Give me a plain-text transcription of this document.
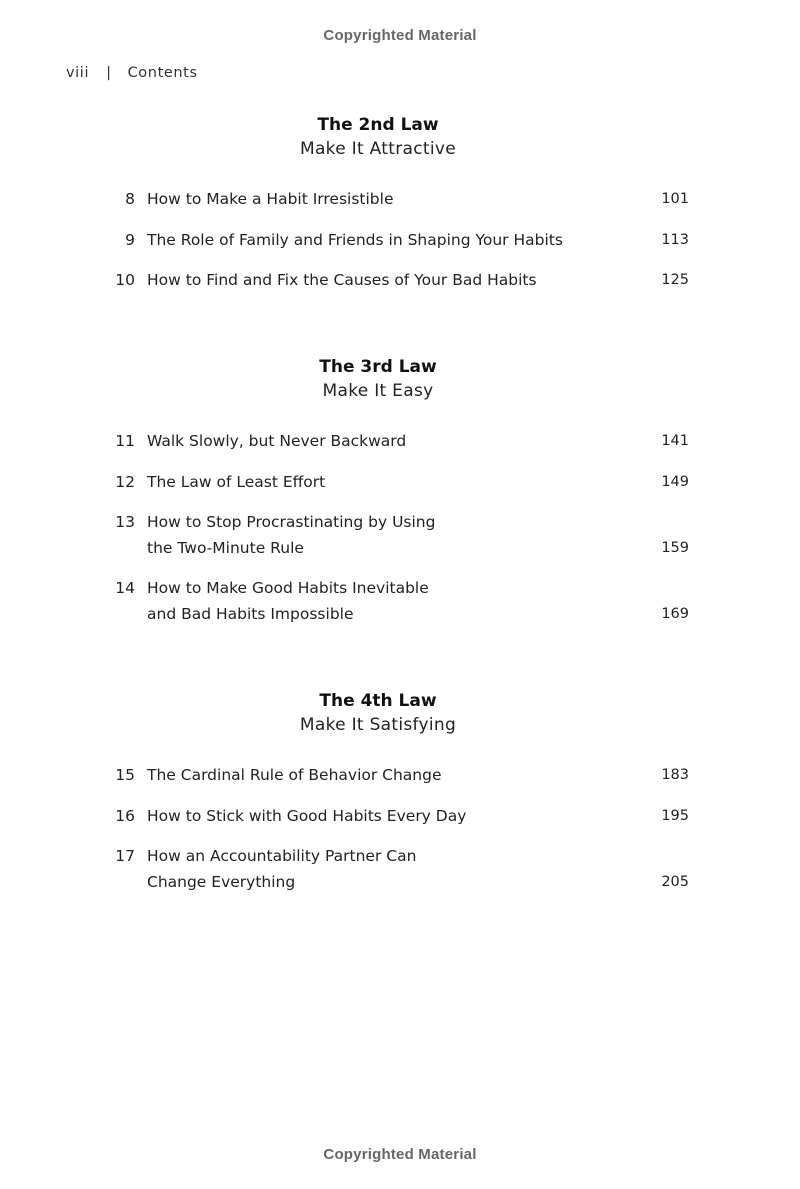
Copyrighted Material
viii | Contents
The 2nd Law
Make It Attractive
8 How to Make a Habit Irresistible	101
9 The Role of Family and Friends in Shaping Your Habits	113
10 How to Find and Fix the Causes of Your Bad Habits	125
The 3rd Law
Make It Easy
11 Walk Slowly, but Never Backward	141
12 The Law of Least Effort	149
13 How to Stop Procrastinating by Using
the Two-Minute Rule	159
14 How to Make Good Habits Inevitable
and Bad Habits Impossible	169
The 4th Law
Make It Satisfying
15 The Cardinal Rule of Behavior Change	183
16 How to Stick with Good Habits Every Day	195
17 How an Accountability Partner Can
Change Everything	205
Copyrighted Material
